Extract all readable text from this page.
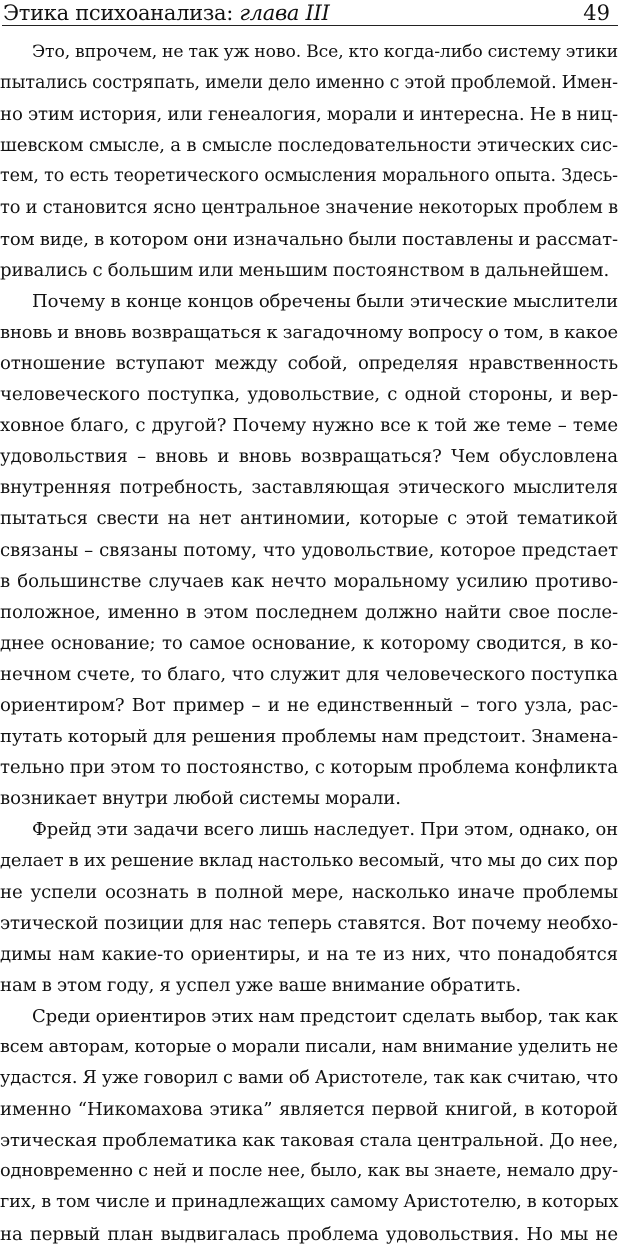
Этика психоанализа: глава III	49
Это, впрочем, не так уж ново. Все, кто когда-либо систему этики
пытались состряпать, имели дело именно с этой проблемой. Имен-
но этим история, или генеалогия, морали и интересна. Не в ниц-
шевском смысле, а в смысле последовательности этических сис-
тем, то есть теоретического осмысления морального опыта. Здесь-
то и становится ясно центральное значение некоторых проблем в
том виде, в котором они изначально были поставлены и рассмат-
ривались с большим или меньшим постоянством в дальнейшем.
Почему в конце концов обречены были этические мыслители
вновь и вновь возвращаться к загадочному вопросу о том, в какое
отношение вступают между собой, определяя нравственность
человеческого поступка, удовольствие, с одной стороны, и вер-
ховное благо, с другой? Почему нужно все к той же теме – теме
удовольствия – вновь и вновь возвращаться? Чем обусловлена
внутренняя потребность, заставляющая этического мыслителя
пытаться свести на нет антиномии, которые с этой тематикой
связаны – связаны потому, что удовольствие, которое предстает
в большинстве случаев как нечто моральному усилию противо-
положное, именно в этом последнем должно найти свое после-
днее основание; то самое основание, к которому сводится, в ко-
нечном счете, то благо, что служит для человеческого поступка
ориентиром? Вот пример – и не единственный – того узла, рас-
путать который для решения проблемы нам предстоит. Знамена-
тельно при этом то постоянство, с которым проблема конфликта
возникает внутри любой системы морали.
Фрейд эти задачи всего лишь наследует. При этом, однако, он
делает в их решение вклад настолько весомый, что мы до сих пор
не успели осознать в полной мере, насколько иначе проблемы
этической позиции для нас теперь ставятся. Вот почему необхо-
димы нам какие-то ориентиры, и на те из них, что понадобятся
нам в этом году, я успел уже ваше внимание обратить.
Среди ориентиров этих нам предстоит сделать выбор, так как
всем авторам, которые о морали писали, нам внимание уделить не
удастся. Я уже говорил с вами об Аристотеле, так как считаю, что
именно “Никомахова этика” является первой книгой, в которой
этическая проблематика как таковая стала центральной. До нее,
одновременно с ней и после нее, было, как вы знаете, немало дру-
гих, в том числе и принадлежащих самому Аристотелю, в которых
на первый план выдвигалась проблема удовольствия. Но мы не
